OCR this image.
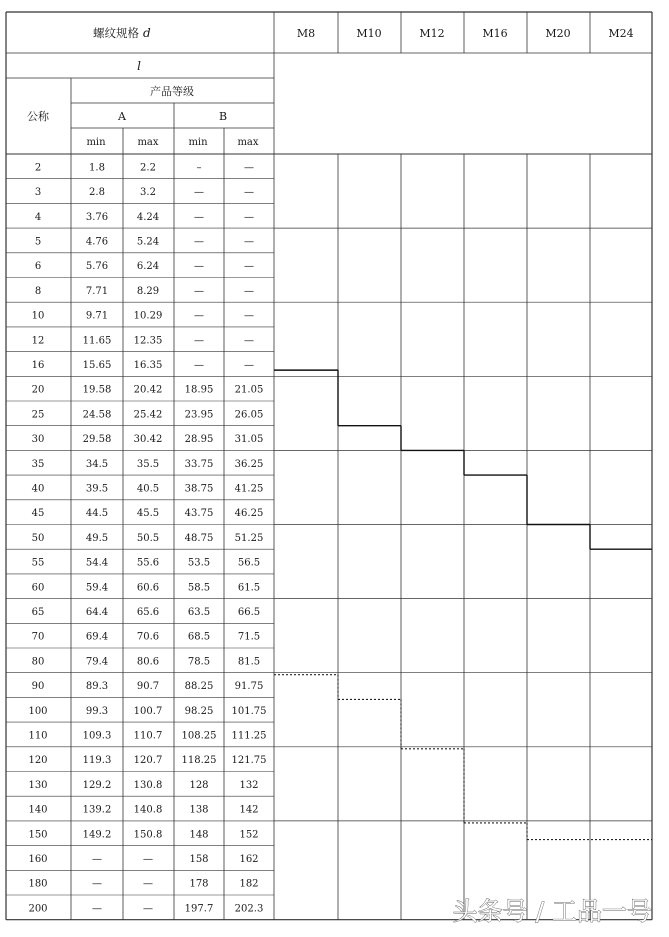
螺纹规格 d	M8	M10	M12	M16	M20	M24
l
产品等级
公称	A	B
min	max	min	max
2	1.8	2.2	–	—
3	2.8	3.2	—	—
4	3.76	4.24	—	—
5	4.76	5.24	—	—
6	5.76	6.24	—	—
8	7.71	8.29	—	—
10	9.71	10.29	—	—
12	11.65 12.35	—	—
16	15.65 16.35	—	—
20	19.58 20.42 18.95 21.05
25	24.58 25.42 23.95 26.05
30	29.58 30.42 28.95 31.05
35	34.5	35.5	33.75 36.25
40	39.5	40.5	38.75 41.25
45	44.5	45.5	43.75 46.25
50	49.5	50.5	48.75 51.25
55	54.4	55.6	53.5	56.5
60	59.4	60.6	58.5	61.5
65	64.4	65.6	63.5	66.5
70	69.4	70.6	68.5	71.5
80	79.4	80.6	78.5	81.5
90	89.3	90.7	88.25 91.75
100	99.3	100.7 98.25 101.75
110	109.3 110.7 108.25 111.25
120	119.3 120.7 118.25 121.75
130	129.2 130.8	128	132
140	139.2 140.8	138	142
150	149.2 150.8	148	152
160	—	—	158	162
180	—	—	178	182
200	—	—	197.7 202.3	头条号 / 工品一号
